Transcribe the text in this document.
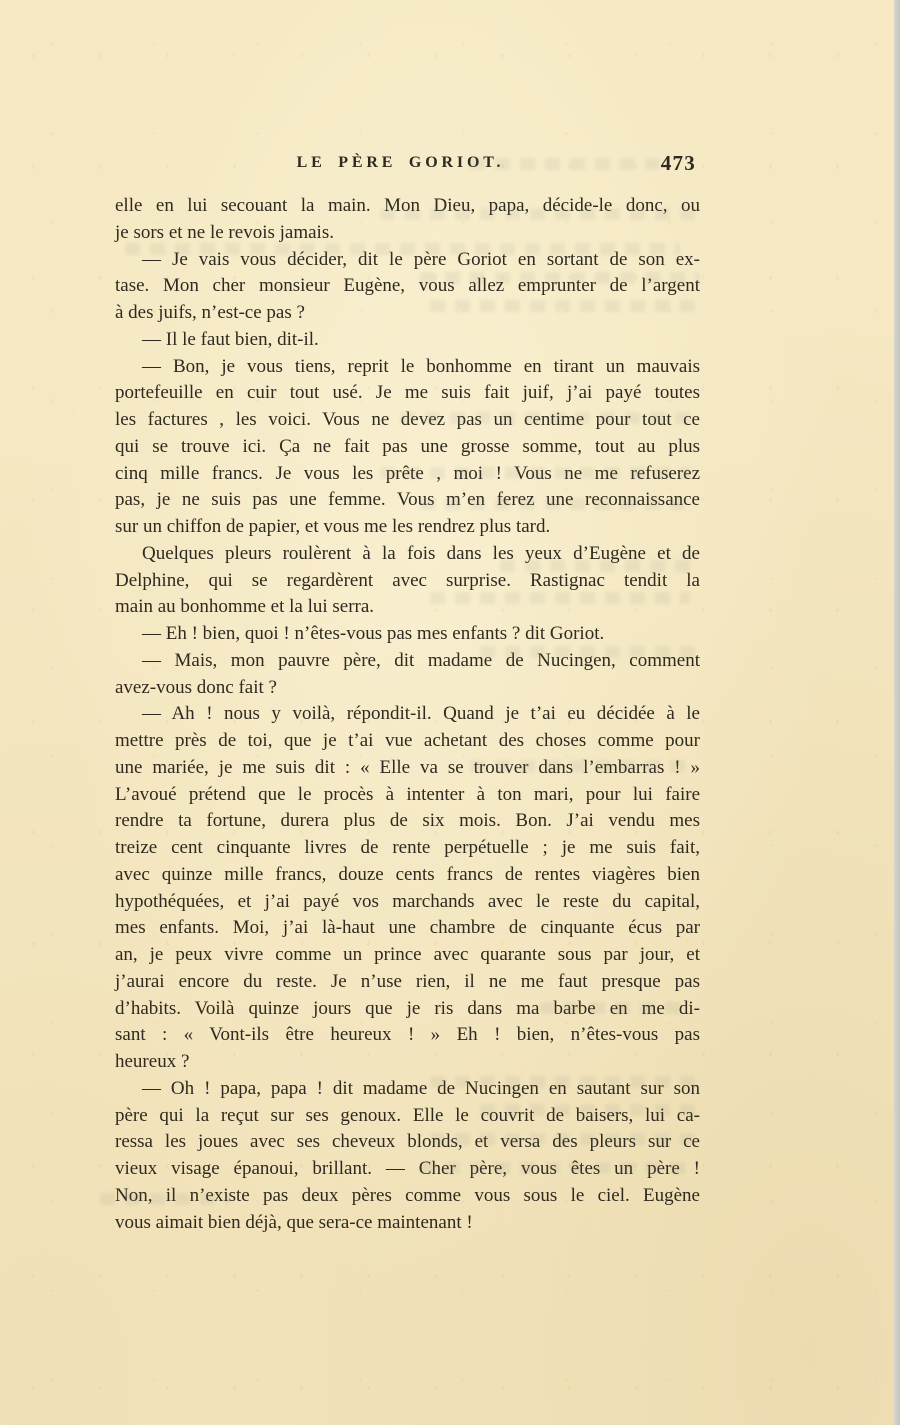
LE PÈRE GORIOT.	473

elle en lui secouant la main. Mon Dieu, papa, décide-le donc, ou
je sors et ne le revois jamais.

— Je vais vous décider, dit le père Goriot en sortant de son ex-
tase. Mon cher monsieur Eugène, vous allez emprunter de l’argent
à des juifs, n’est-ce pas ?

— Il le faut bien, dit-il.

— Bon, je vous tiens, reprit le bonhomme en tirant un mauvais
portefeuille en cuir tout usé. Je me suis fait juif, j’ai payé toutes
les factures , les voici. Vous ne devez pas un centime pour tout ce
qui se trouve ici. Ça ne fait pas une grosse somme, tout au plus
cinq mille francs. Je vous les prête , moi ! Vous ne me refuserez
pas, je ne suis pas une femme. Vous m’en ferez une reconnaissance
sur un chiffon de papier, et vous me les rendrez plus tard.

Quelques pleurs roulèrent à la fois dans les yeux d’Eugène et de
Delphine, qui se regardèrent avec surprise. Rastignac tendit la
main au bonhomme et la lui serra.

— Eh ! bien, quoi ! n’êtes-vous pas mes enfants ? dit Goriot.

— Mais, mon pauvre père, dit madame de Nucingen, comment
avez-vous donc fait ?

— Ah ! nous y voilà, répondit-il. Quand je t’ai eu décidée à le
mettre près de toi, que je t’ai vue achetant des choses comme pour
une mariée, je me suis dit : « Elle va se trouver dans l’embarras ! »
L’avoué prétend que le procès à intenter à ton mari, pour lui faire
rendre ta fortune, durera plus de six mois. Bon. J’ai vendu mes
treize cent cinquante livres de rente perpétuelle ; je me suis fait,
avec quinze mille francs, douze cents francs de rentes viagères bien
hypothéquées, et j’ai payé vos marchands avec le reste du capital,
mes enfants. Moi, j’ai là-haut une chambre de cinquante écus par
an, je peux vivre comme un prince avec quarante sous par jour, et
j’aurai encore du reste. Je n’use rien, il ne me faut presque pas
d’habits. Voilà quinze jours que je ris dans ma barbe en me di-
sant : « Vont-ils être heureux ! » Eh ! bien, n’êtes-vous pas
heureux ?

— Oh ! papa, papa ! dit madame de Nucingen en sautant sur son
père qui la reçut sur ses genoux. Elle le couvrit de baisers, lui ca-
ressa les joues avec ses cheveux blonds, et versa des pleurs sur ce
vieux visage épanoui, brillant. — Cher père, vous êtes un père !
Non, il n’existe pas deux pères comme vous sous le ciel. Eugène
vous aimait bien déjà, que sera-ce maintenant !
